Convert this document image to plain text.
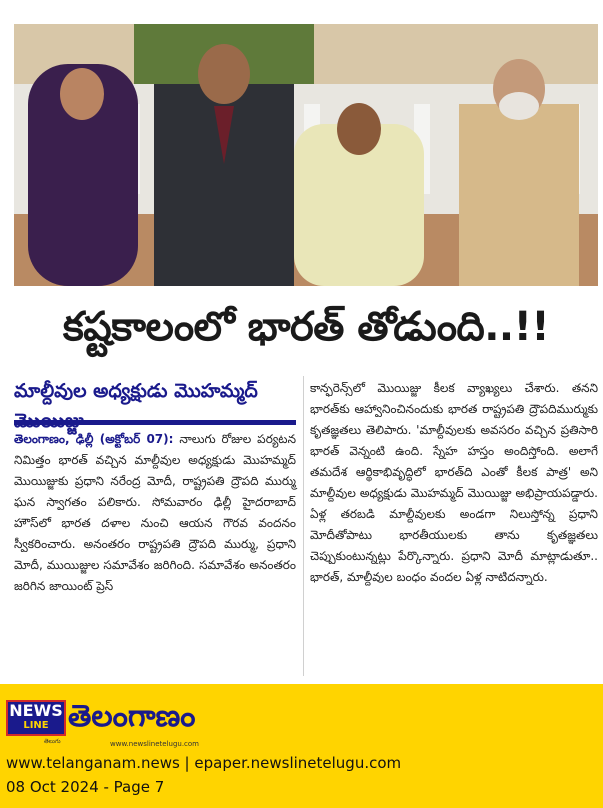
కష్టకాలంలో భారత్ తోడుంది..!!
మాల్దీవుల అధ్యక్షుడు మొహమ్మద్

తెలంగాణం, ఢిల్లీ (అక్టోబర్ 07): నాలుగు రోజుల పర్యటన నిమిత్తం భారత్ వచ్చిన మాల్దీవుల అధ్యక్షుడు మొహమ్మద్ మొయిజ్జుకు ప్రధాని నరేంద్ర మోదీ, రాష్ట్రపతి ద్రౌపది ముర్ము ఘన స్వాగతం పలికారు. సోమవారం ఢిల్లీ హైదరాబాద్ హౌస్‌లో భారత దళాల నుంచి ఆయన గౌరవ వందనం స్వీకరించారు. అనంతరం రాష్ట్రపతి ద్రౌపది ముర్ము, ప్రధాని మోదీ, ముయిజ్జుల సమావేశం జరిగింది. సమావేశం అనంతరం జరిగిన జాయింట్ ప్రెస్

కాన్ఫరెన్స్‌లో మొయిజ్జు కీలక వ్యాఖ్యలు చేశారు. తనని భారత్‌కు ఆహ్వానించినందుకు భారత రాష్ట్రపతి ద్రౌపదిముర్ముకు కృతజ్ఞతలు తెలిపారు. 'మాల్దీవులకు అవసరం వచ్చిన ప్రతిసారి భారత్ వెన్నంటి ఉంది. స్నేహ హస్తం అందిస్తోంది. అలాగే తమదేశ ఆర్థికాభివృద్ధిలో భారత్‌ది ఎంతో కీలక పాత్ర' అని మాల్దీవుల అధ్యక్షుడు మొహమ్మద్ మొయిజ్జు అభిప్రాయపడ్డారు. ఏళ్ల తరబడి మాల్దీవులకు అండగా నిలుస్తోన్న ప్రధాని మోదీతోపాటు భారతీయులకు తాను కృతజ్ఞతలు చెప్పుకుంటున్నట్లు పేర్కొన్నారు. ప్రధాని మోదీ మాట్లాడుతూ.. భారత్, మాల్దీవుల బంధం వందల ఏళ్ల నాటిదన్నారు.

NEWS
LINE
తెలుగు
తెలంగాణం
www.newslinetelugu.com
www.telanganam.news | epaper.newslinetelugu.com
08 Oct 2024 - Page 7
